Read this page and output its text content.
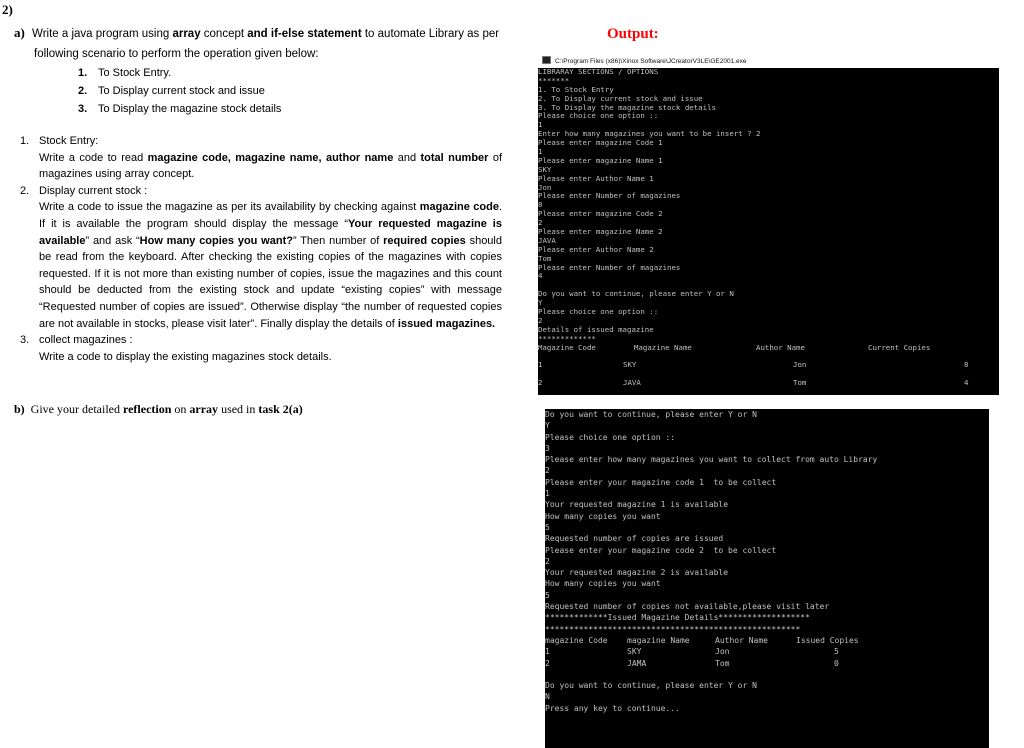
2)
a) Write a java program using array concept and if-else statement to automate Library as per
following scenario to perform the operation given below:
1. To Stock Entry.
2. To Display current stock and issue
3. To Display the magazine stock details
1. Stock Entry:
Write a code to read magazine code, magazine name, author name and total number of magazines using array concept.
2. Display current stock :
Write a code to issue the magazine as per its availability by checking against magazine code. If it is available the program should display the message “Your requested magazine is available” and ask “How many copies you want?” Then number of required copies should be read from the keyboard. After checking the existing copies of the magazines with copies requested. If it is not more than existing number of copies, issue the magazines and this count should be deducted from the existing stock and update “existing copies” with message “Requested number of copies are issued”. Otherwise display “the number of requested copies are not available in stocks, please visit later”. Finally display the details of issued magazines.
3. collect magazines :
Write a code to display the existing magazines stock details.
b) Give your detailed reflection on array used in task 2(a)
Output:
C:\Program Files (x86)\Xinox Software\JCreatorV3LE\GE2001.exe
LIBRARAY SECTIONS / OPTIONS
*******
1. To Stock Entry
2. To Display current stock and issue
3. To Display the magazine stock details
Please choice one option ::
1
Enter how many magazines you want to be insert ? 2
Please enter magazine Code 1
1
Please enter magazine Name 1
SKY
Please enter Author Name 1
Jon
Please enter Number of magazines
8
Please enter magazine Code 2
2
Please enter magazine Name 2
JAVA
Please enter Author Name 2
Tom
Please enter Number of magazines
4
Do you want to continue, please enter Y or N
Y
Please choice one option ::
2
Details of issued magazine
*************
Magazine Code	Magazine Name	Author Name	Current Copies
1	SKY	Jon	8
2	JAVA	Tom	4
Do you want to continue, please enter Y or N
Y
Please choice one option ::
3
Please enter how many magazines you want to collect from auto Library
2
Please enter your magazine code 1  to be collect
1
Your requested magazine 1 is available
How many copies you want
5
Requested number of copies are issued
Please enter your magazine code 2  to be collect
2
Your requested magazine 2 is available
How many copies you want
5
Requested number of copies not available,please visit later
*************Issued Magazine Details*******************
*****************************************************
magazine Code magazine Name	Author Name	Issued Copies
1	SKY	Jon	5
2	JAMA	Tom	0
Do you want to continue, please enter Y or N
N
Press any key to continue...
